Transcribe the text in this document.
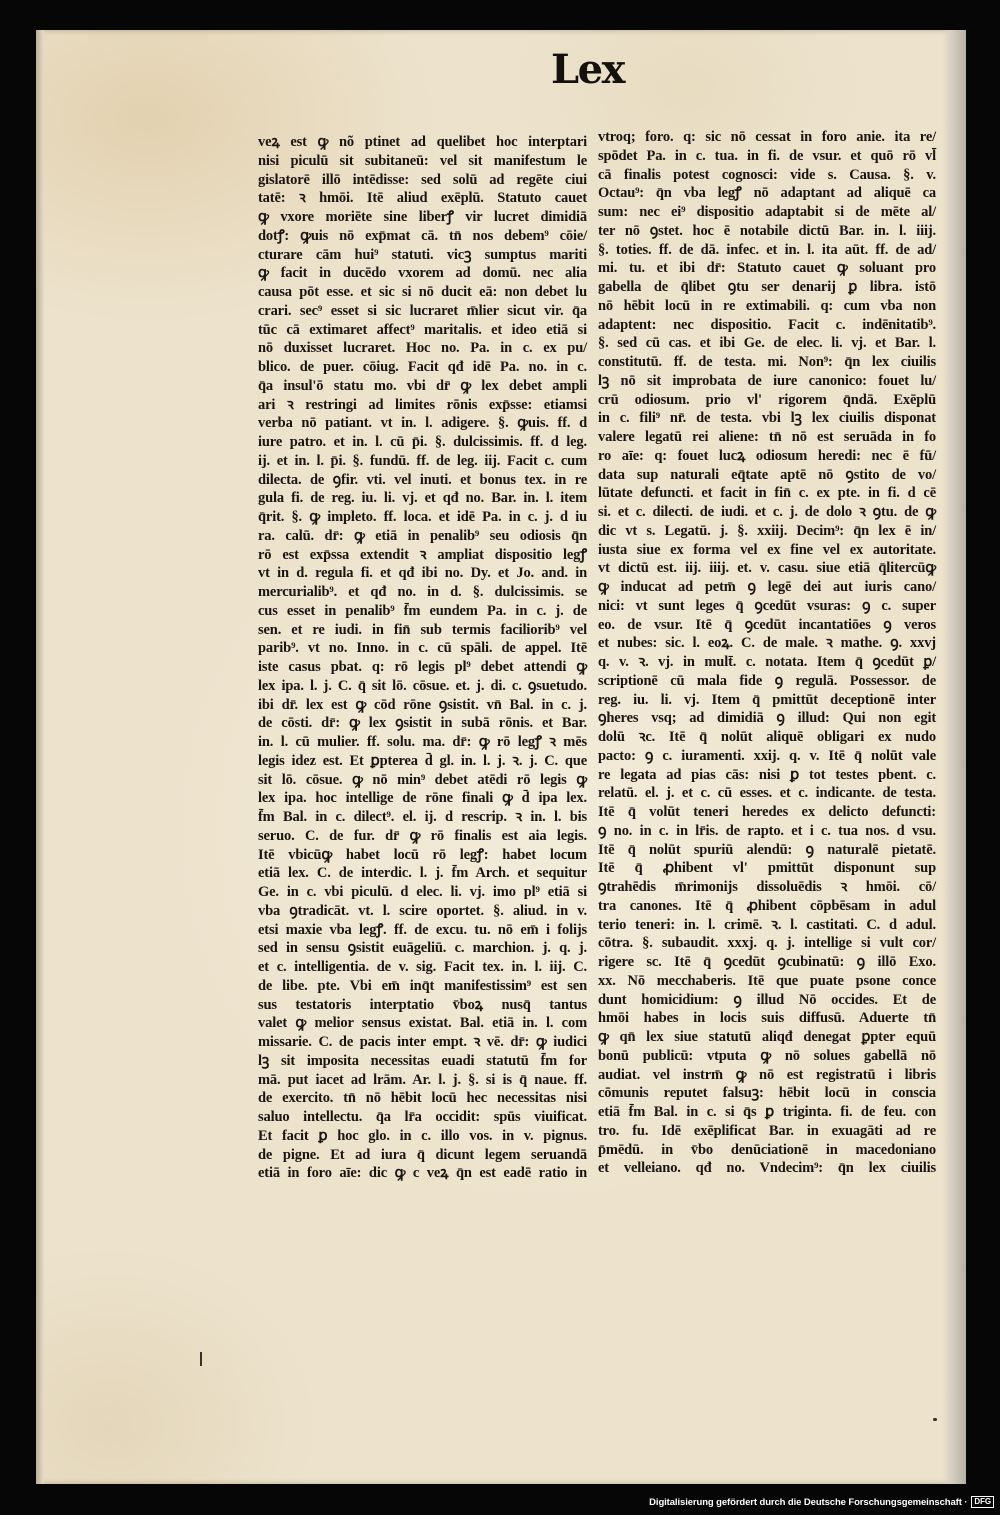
Lex
veꝝ est ꝙ nõ ptinet ad quelibet hoc interptari
nisi piculū sit subitaneū: vel sit manifestum le
gislatorē illō intēdisse: sed solū ad regēte ciui
tatē: ꝛ hmōi. Itē aliud exēplū. Statuto cauet
ꝙ vxore moriēte sine liberꝭ vir lucret dimidiā
dotꝭ: ꝙuis nō exp̄mat cā. tn̄ nos debem⁹ cōie/
cturare cām hui⁹ statuti. vicꝫ sumptus mariti
ꝙ facit in ducēdo vxorem ad domū. nec alia
causa pōt esse. et sic si nō ducit eā: non debet lu
crari. sec⁹ esset si sic lucraret m̄lier sicut vir. q̄a
tūc cā extimaret affect⁹ maritalis. et ideo etiā si
nō duxisset lucraret. Hoc no. Pa. in c. ex pu/
blico. de puer. cōiug. Facit qđ idē Pa. no. in c.
q̄a insul'ō statu mo. vbi dr̄ ꝙ lex debet ampli
ari ꝛ restringi ad limites rōnis exp̄sse: etiamsi
verba nō patiant. vt in. l. adigere. §. ꝙuis. ff. d
iure patro. et in. l. cū p̄i. §. dulcissimis. ff. d leg.
ij. et in. l. p̄i. §. fundū. ff. de leg. iij. Facit c. cum
dilecta. de ꝯfir. vti. vel inuti. et bonus tex. in re
gula fi. de reg. iu. li. vj. et qđ no. Bar. in. l. item
q̄rit. §. ꝙ impleto. ff. loca. et idē Pa. in c. j. d iu
ra. calū. dr̄: ꝙ etiā in penalib⁹ seu odiosis q̄n
rō est exp̄ssa extendit ꝛ ampliat dispositio legꝭ
vt in d. regula fi. et qđ ibi no. Dy. et Jo. and. in
mercurialib⁹. et qđ no. in d. §. dulcissimis. se
cus esset in penalib⁹ f̄m eundem Pa. in c. j. de
sen. et re iudi. in fin̄ sub termis faciliorib⁹ vel
parib⁹. vt no. Inno. in c. cū spāli. de appel. Itē
iste casus pbat. q: rō legis pl⁹ debet attendi ꝙ
lex ipa. l. j. C. q̄ sit lō. cōsue. et. j. di. c. ꝯsuetudo.
ibi dr̄. lex est ꝙ cōd rōne ꝯsistit. vn̄ Bal. in c. j.
de cōsti. dr̄: ꝙ lex ꝯsistit in subā rōnis. et Bar.
in. l. cū mulier. ff. solu. ma. dr̄: ꝙ rō legꝭ ꝛ mēs
legis idez est. Et ꝑpterea d̄ gl. in. l. j. ꝛ. j. C. que
sit lō. cōsue. ꝙ nō min⁹ debet atēdi rō legis ꝙ
lex ipa. hoc intellige de rōne finali ꝙ d̄ ipa lex.
f̄m Bal. in c. dilect⁹. el. ij. d rescrip. ꝛ in. l. bis
seruo. C. de fur. dr̄ ꝙ rō finalis est aia legis.
Itē vbicūꝙ habet locū rō legꝭ: habet locum
etiā lex. C. de interdic. l. j. f̄m Arch. et sequitur
Ge. in c. vbi piculū. d elec. li. vj. imo pl⁹ etiā si
vba ꝯtradicāt. vt. l. scire oportet. §. aliud. in v.
etsi maxie vba legꝭ. ff. de excu. tu. nō em̄ i folijs
sed in sensu ꝯsistit euāgeliū. c. marchion. j. q. j.
et c. intelligentia. de v. sig. Facit tex. in. l. iij. C.
de libe. pte. Vbi em̄ inq̄t manifestissim⁹ est sen
sus testatoris interptatio v̄boꝝ nusq̄ tantus
valet ꝙ melior sensus existat. Bal. etiā in. l. com
missarie. C. de pacis inter empt. ꝛ vē. dr̄: ꝙ iudici
lꝫ sit imposita necessitas euadi statutū f̄m for
mā. put iacet ad lrām. Ar. l. j. §. si is q̄ naue. ff.
de exercito. tn̄ nō hēbit locū hec necessitas nisi
saluo intellectu. q̄a lr̄a occidit: spūs viuificat.
Et facit ꝑ hoc glo. in c. illo vos. in v. pignus.
de pigne. Et ad iura q̄ dicunt legem seruandā
etiā in foro aīe: dic ꝙ c veꝝ q̄n est eadē ratio in
vtroq; foro. q: sic nō cessat in foro anie. ita re/
spōdet Pa. in c. tua. in fi. de vsur. et quō rō vl̄
cā finalis potest cognosci: vide s. Causa. §. v.
Octau⁹: q̄n vba legꝭ nō adaptant ad aliquē ca
sum: nec ei⁹ dispositio adaptabit si de mēte al/
ter nō ꝯstet. hoc ē notabile dictū Bar. in. l. iiij.
§. toties. ff. de dā. infec. et in. l. ita aūt. ff. de ad/
mi. tu. et ibi dr̄: Statuto cauet ꝙ soluant pro
gabella de q̄libet ꝯtu ser denarij ꝑ libra. istō
nō hēbit locū in re extimabili. q: cum vba non
adaptent: nec dispositio. Facit c. indēnitatib⁹.
§. sed cū cas. et ibi Ge. de elec. li. vj. et Bar. l.
constitutū. ff. de testa. mi. Non⁹: q̄n lex ciuilis
lꝫ nō sit improbata de iure canonico: fouet lu/
crū odiosum. prio vl' rigorem q̄ndā. Exēplū
in c. fili⁹ nr̄. de testa. vbi lꝫ lex ciuilis disponat
valere legatū rei aliene: tn̄ nō est seruāda in fo
ro aīe: q: fouet lucꝝ odiosum heredi: nec ē fū/
data sup naturali eq̄tate aptē nō ꝯstito de vo/
lūtate defuncti. et facit in fin̄ c. ex pte. in fi. d cē
si. et c. dilecti. de iudi. et c. j. de dolo ꝛ ꝯtu. de ꝙ
dic vt s. Legatū. j. §. xxiij. Decim⁹: q̄n lex ē in/
iusta siue ex forma vel ex fine vel ex autoritate.
vt dictū est. iij. iiij. et. v. casu. siue etiā q̄litercūꝙ
ꝙ inducat ad petm̄ ꝯ legē dei aut iuris cano/
nici: vt sunt leges q̄ ꝯcedūt vsuras: ꝯ c. super
eo. de vsur. Itē q̄ ꝯcedūt incantatiōes ꝯ veros
et nubes: sic. l. eoꝝ. C. de male. ꝛ mathe. ꝯ. xxvj
q. v. ꝛ. vj. in mult̄. c. notata. Item q̄ ꝯcedūt ꝑ/
scriptionē cū mala fide ꝯ regulā. Possessor. de
reg. iu. li. vj. Item q̄ pmittūt deceptionē inter
ꝯheres vsq; ad dimidiā ꝯ illud: Qui non egit
dolū ꝛc. Itē q̄ nolūt aliquē obligari ex nudo
pacto: ꝯ c. iuramenti. xxij. q. v. Itē q̄ nolūt vale
re legata ad pias cās: nisi ꝑ tot testes pbent. c.
relatū. el. j. et c. cū esses. et c. indicante. de testa.
Itē q̄ volūt teneri heredes ex delicto defuncti:
ꝯ no. in c. in lr̄is. de rapto. et i c. tua nos. d vsu.
Itē q̄ nolūt spuriū alendū: ꝯ naturalē pietatē.
Itē q̄ ꝓhibent vl' pmittūt disponunt sup
ꝯtrahēdis m̄rimonijs dissoluēdis ꝛ hmōi. cō/
tra canones. Itē q̄ ꝓhibent cōpbēsam in adul
terio teneri: in. l. crimē. ꝛ. l. castitati. C. d adul.
cōtra. §. subaudit. xxxj. q. j. intellige si vult cor/
rigere sc. Itē q̄ ꝯcedūt ꝯcubinatū: ꝯ illō Exo.
xx. Nō mecchaberis. Itē que puate psone conce
dunt homicidium: ꝯ illud Nō occides. Et de
hmōi habes in locis suis diffusū. Aduerte tn̄
ꝙ qn̄ lex siue statutū aliqđ denegat ꝑpter equū
bonū publicū: vtputa ꝙ nō solues gabellā nō
audiat. vel instrm̄ ꝙ nō est registratū i libris
cōmunis reputet falsuꝫ: hēbit locū in conscia
etiā f̄m Bal. in c. si q̄s ꝑ triginta. fi. de feu. con
tro. fu. Idē exēplificat Bar. in exuagāti ad re
p̄mēdū. in v̄bo denūciationē in macedoniano
et velleiano. qđ no. Vndecim⁹: q̄n lex ciuilis
Digitalisierung gefördert durch die Deutsche Forschungsgemeinschaft · DFG
